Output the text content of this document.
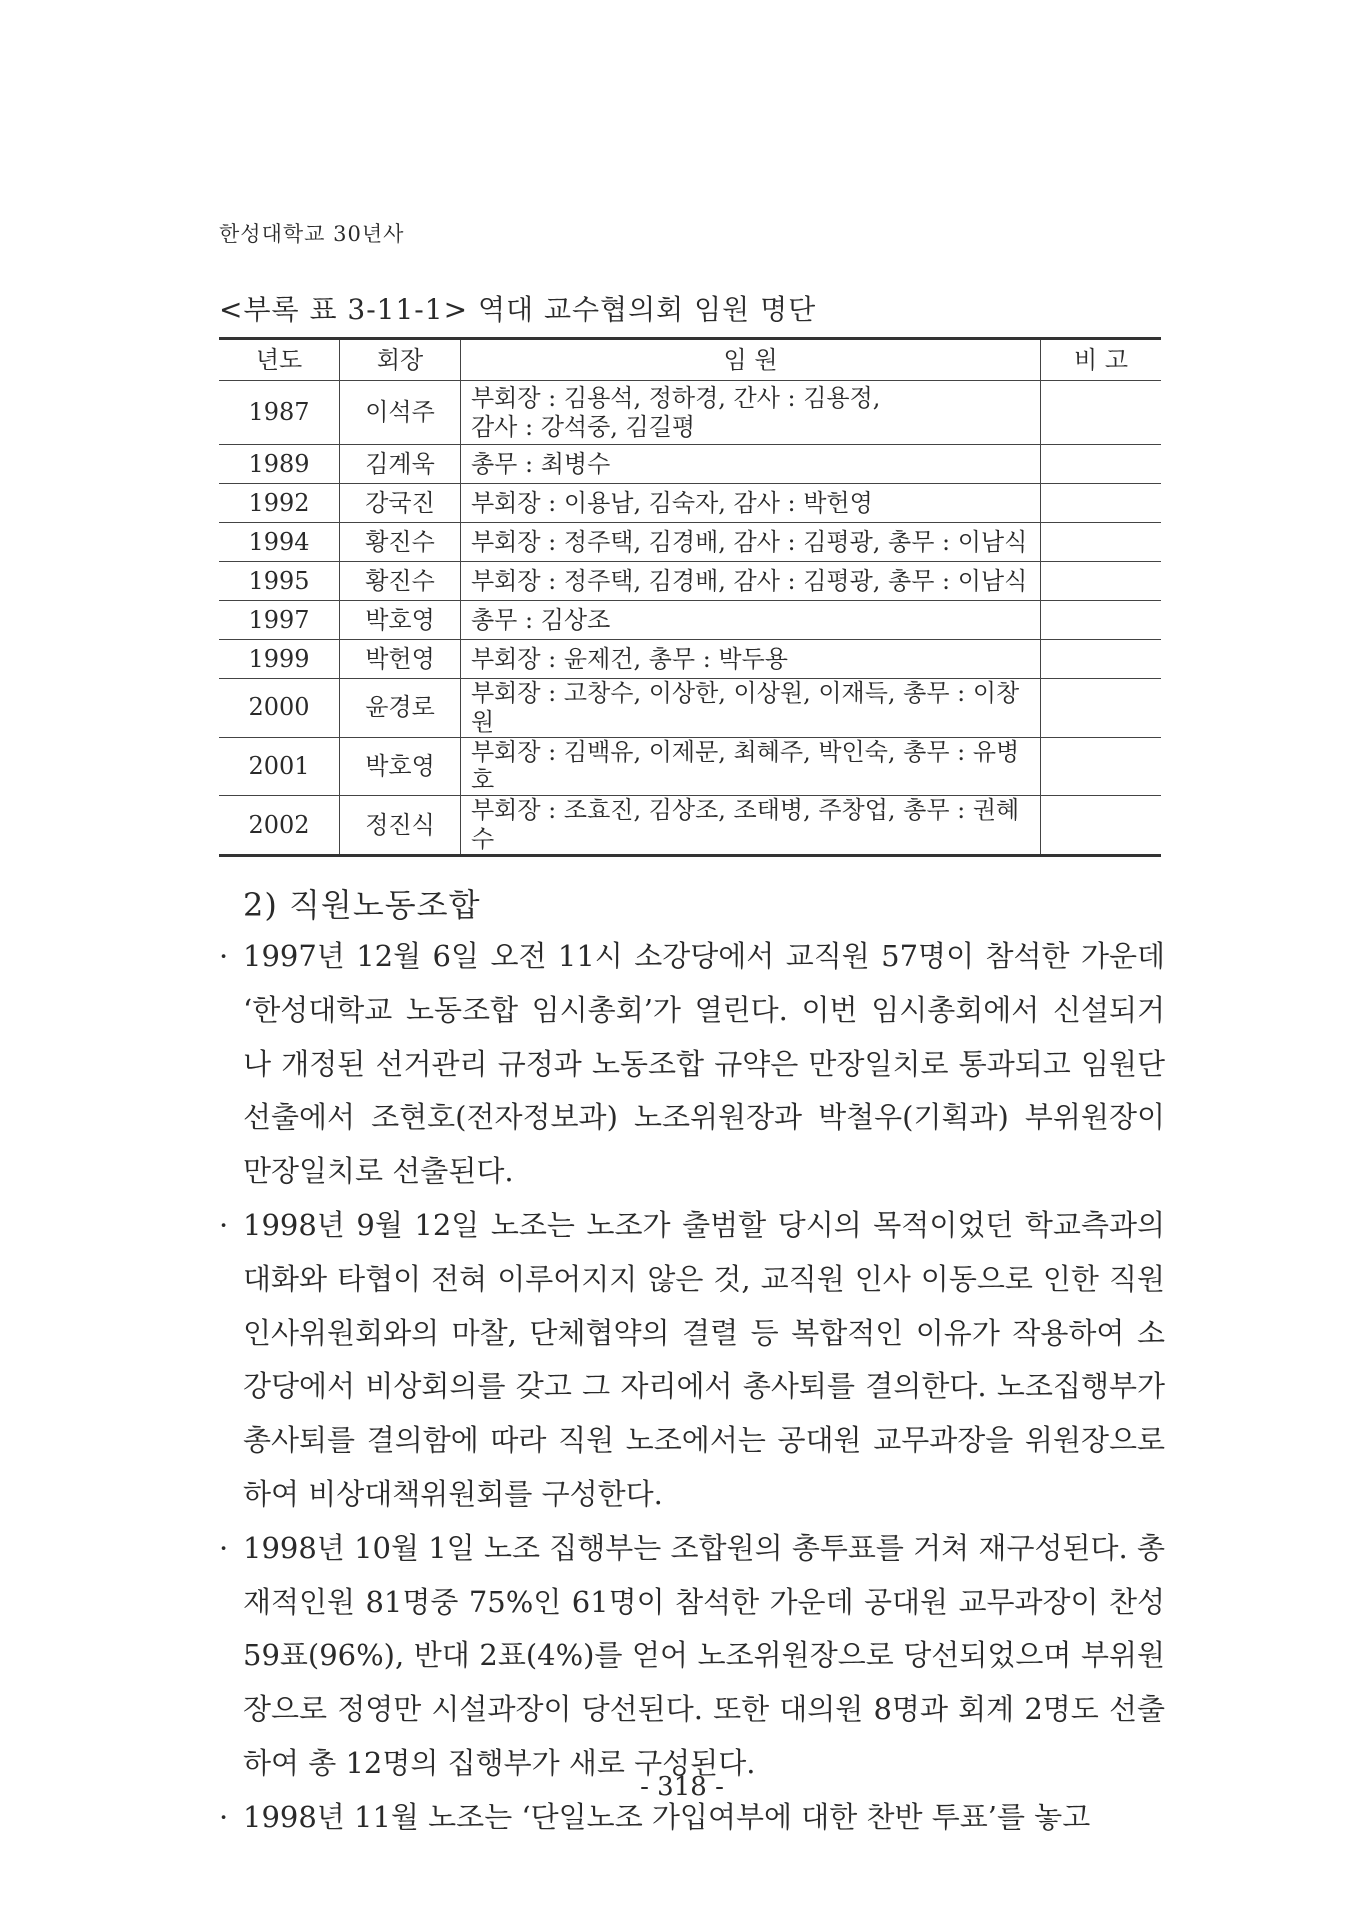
한성대학교 30년사
<부록 표 3-11-1> 역대 교수협의회 임원 명단
년도	회장	임 원	비 고
1987	이석주	부회장 : 김용석, 정하경, 간사 : 김용정,
감사 : 강석중, 김길평	
1989	김계욱	총무 : 최병수	
1992	강국진	부회장 : 이용남, 김숙자, 감사 : 박헌영	
1994	황진수	부회장 : 정주택, 김경배, 감사 : 김평광, 총무 : 이남식	
1995	황진수	부회장 : 정주택, 김경배, 감사 : 김평광, 총무 : 이남식	
1997	박호영	총무 : 김상조	
1999	박헌영	부회장 : 윤제건, 총무 : 박두용	
2000	윤경로	부회장 : 고창수, 이상한, 이상원, 이재득, 총무 : 이창원	
2001	박호영	부회장 : 김백유, 이제문, 최혜주, 박인숙, 총무 : 유병호	
2002	정진식	부회장 : 조효진, 김상조, 조태병, 주창업, 총무 : 권혜수	
2) 직원노동조합
· 1997년 12월 6일 오전 11시 소강당에서 교직원 57명이 참석한 가운데 ‘한성대학교 노동조합 임시총회’가 열린다. 이번 임시총회에서 신설되거나 개정된 선거관리 규정과 노동조합 규약은 만장일치로 통과되고 임원단 선출에서 조현호(전자정보과) 노조위원장과 박철우(기획과) 부위원장이 만장일치로 선출된다.
· 1998년 9월 12일 노조는 노조가 출범할 당시의 목적이었던 학교측과의 대화와 타협이 전혀 이루어지지 않은 것, 교직원 인사 이동으로 인한 직원인사위원회와의 마찰, 단체협약의 결렬 등 복합적인 이유가 작용하여 소강당에서 비상회의를 갖고 그 자리에서 총사퇴를 결의한다. 노조집행부가 총사퇴를 결의함에 따라 직원 노조에서는 공대원 교무과장을 위원장으로 하여 비상대책위원회를 구성한다.
· 1998년 10월 1일 노조 집행부는 조합원의 총투표를 거쳐 재구성된다. 총 재적인원 81명중 75%인 61명이 참석한 가운데 공대원 교무과장이 찬성 59표(96%), 반대 2표(4%)를 얻어 노조위원장으로 당선되었으며 부위원장으로 정영만 시설과장이 당선된다. 또한 대의원 8명과 회계 2명도 선출하여 총 12명의 집행부가 새로 구성된다.
· 1998년 11월 노조는 ‘단일노조 가입여부에 대한 찬반 투표’를 놓고
- 318 -
